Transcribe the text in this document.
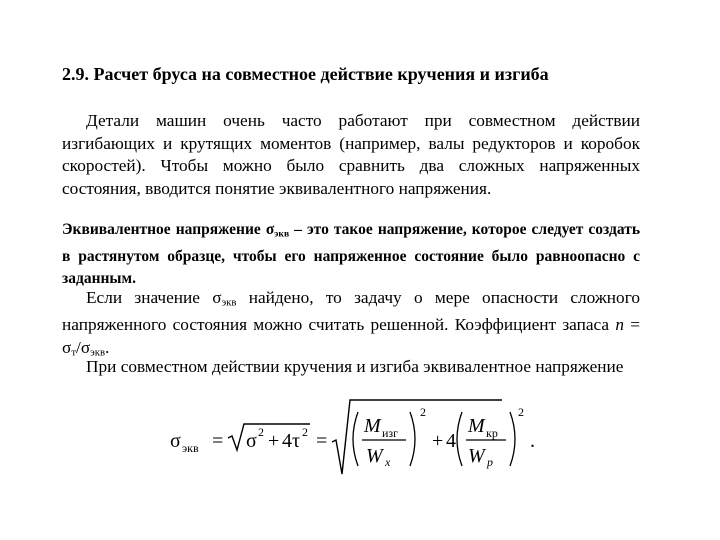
2.9. Расчет бруса на совместное действие кручения и изгиба
Детали машин очень часто работают при совместном действии изгибающих и крутящих моментов (например, валы редукторов и коробок скоростей). Чтобы можно было сравнить два сложных напряженных состояния, вводится понятие эквивалентного напряжения.
Эквивалентное напряжение $\sigma_{экв}$ – это такое напряжение, которое следует создать в растянутом образце, чтобы его напряженное состояние было равноопасно с заданным.
Если значение $\sigma_{экв}$ найдено, то задачу о мере опасности сложного напряженного состояния можно считать решенной. Коэффициент запаса $n = \sigma_т/\sigma_{экв}$.
При совместном действии кручения и изгиба эквивалентное напряжение
σ экв = σ 2 + 4 τ 2 =
M изг
W x
2
+ 4
M кр
W p
2
.
